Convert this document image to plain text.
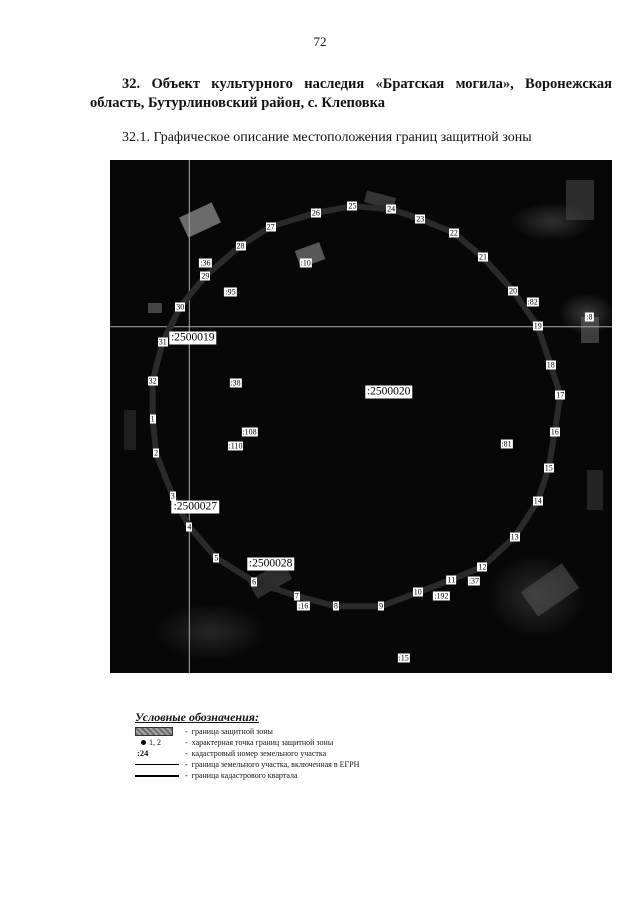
72
32. Объект культурного наследия «Братская могила», Воронежская область, Бутурлиновский район, с. Клеповка
32.1. Графическое описание местоположения границ защитной зоны
1
2
3
4
5
6
7
8	9
10
11
12
13
14
15
16
17
18
19
20
21
22
23
24
25
26
27
28
29
30
31
32
:36
:95
:10
:82
:8
:38
:108
:110	:81
:37
:192
:16
:15
:2500019
:2500020
:2500027
:2500028
Условные обозначения:
- граница защитной зоны
1, 2	- характерная точка границ защитной зоны
:24	- кадастровый номер земельного участка
- граница земельного участка, включенная в ЕГРН
- граница кадастрового квартала
